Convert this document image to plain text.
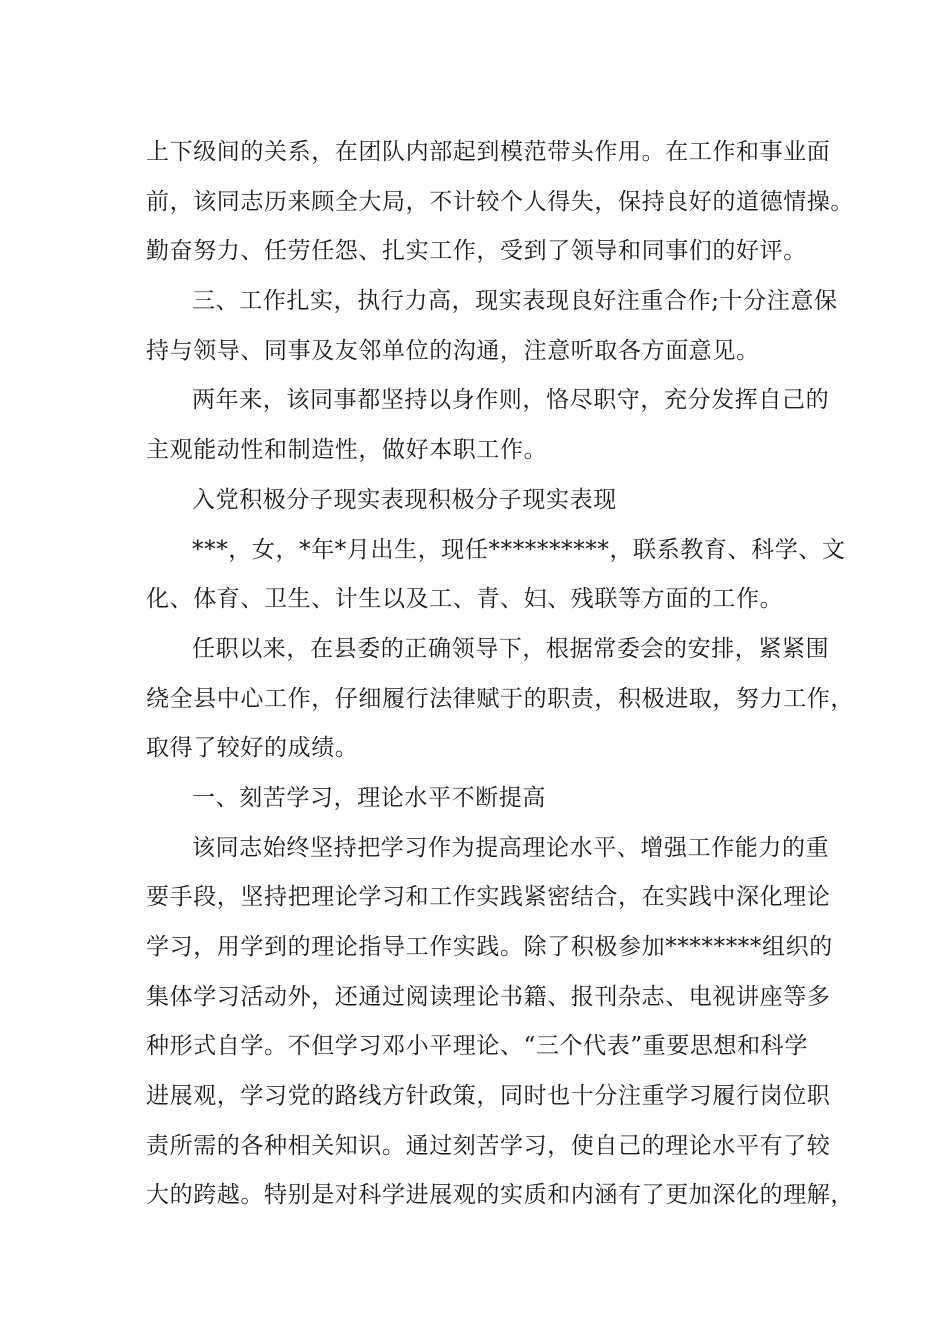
上下级间的关系，在团队内部起到模范带头作用。在工作和事业面
前，该同志历来顾全大局，不计较个人得失，保持良好的道德情操。
勤奋努力、任劳任怨、扎实工作，受到了领导和同事们的好评。
三、工作扎实，执行力高，现实表现良好注重合作;十分注意保
持与领导、同事及友邻单位的沟通，注意听取各方面意见。
两年来，该同事都坚持以身作则，恪尽职守，充分发挥自己的
主观能动性和制造性，做好本职工作。
入党积极分子现实表现积极分子现实表现
***，女，*年*月出生，现任**********，联系教育、科学、文
化、体育、卫生、计生以及工、青、妇、残联等方面的工作。
任职以来，在县委的正确领导下，根据常委会的安排，紧紧围
绕全县中心工作，仔细履行法律赋于的职责，积极进取，努力工作，
取得了较好的成绩。
一、刻苦学习，理论水平不断提高
该同志始终坚持把学习作为提高理论水平、增强工作能力的重
要手段，坚持把理论学习和工作实践紧密结合，在实践中深化理论
学习，用学到的理论指导工作实践。除了积极参加********组织的
集体学习活动外，还通过阅读理论书籍、报刊杂志、电视讲座等多
种形式自学。不但学习邓小平理论、“三个代表”重要思想和科学
进展观，学习党的路线方针政策，同时也十分注重学习履行岗位职
责所需的各种相关知识。通过刻苦学习，使自己的理论水平有了较
大的跨越。特别是对科学进展观的实质和内涵有了更加深化的理解，
